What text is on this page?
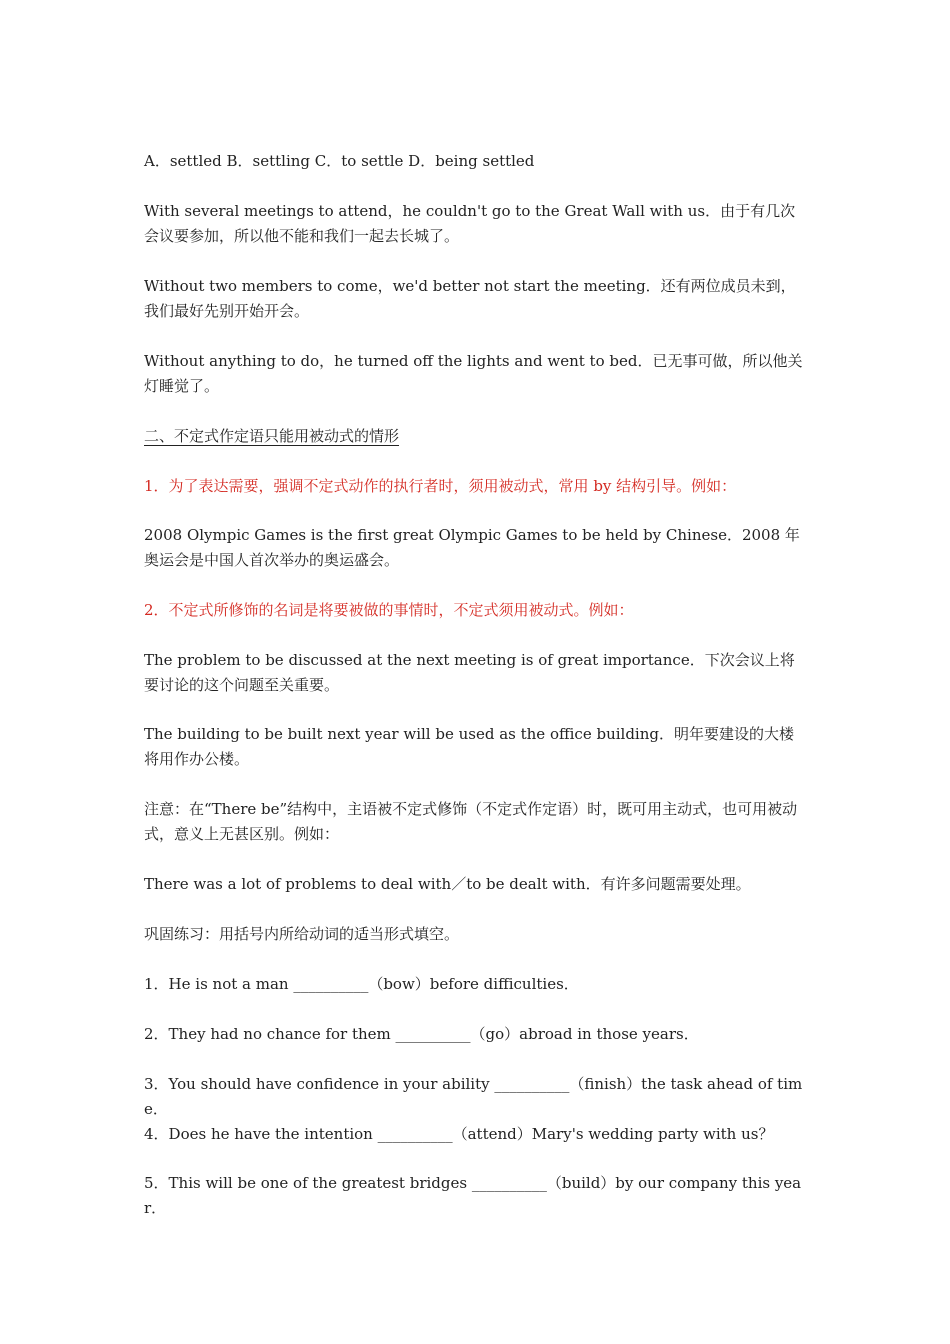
A．settled B．settling C．to settle D．being settled

With several meetings to attend，he couldn't go to the Great Wall with us．由于有几次会议要参加，所以他不能和我们一起去长城了。

Without two members to come，we'd better not start the meeting．还有两位成员未到，我们最好先别开始开会。

Without anything to do，he turned off the lights and went to bed．已无事可做，所以他关灯睡觉了。

二、不定式作定语只能用被动式的情形

1．为了表达需要，强调不定式动作的执行者时，须用被动式，常用 by 结构引导。例如：

2008 Olympic Games is the first great Olympic Games to be held by Chinese．2008 年奥运会是中国人首次举办的奥运盛会。

2．不定式所修饰的名词是将要被做的事情时，不定式须用被动式。例如：

The problem to be discussed at the next meeting is of great importance．下次会议上将要讨论的这个问题至关重要。

The building to be built next year will be used as the office building．明年要建设的大楼将用作办公楼。

注意：在“There be”结构中，主语被不定式修饰（不定式作定语）时，既可用主动式，也可用被动式，意义上无甚区别。例如：

There was a lot of problems to deal with／to be dealt with．有许多问题需要处理。

巩固练习：用括号内所给动词的适当形式填空。

1．He is not a man __________（bow）before difficulties．

2．They had no chance for them __________（go）abroad in those years．

3．You should have confidence in your ability __________（finish）the task ahead of time．

4．Does he have the intention __________（attend）Mary's wedding party with us？

5．This will be one of the greatest bridges __________（build）by our company this year．
